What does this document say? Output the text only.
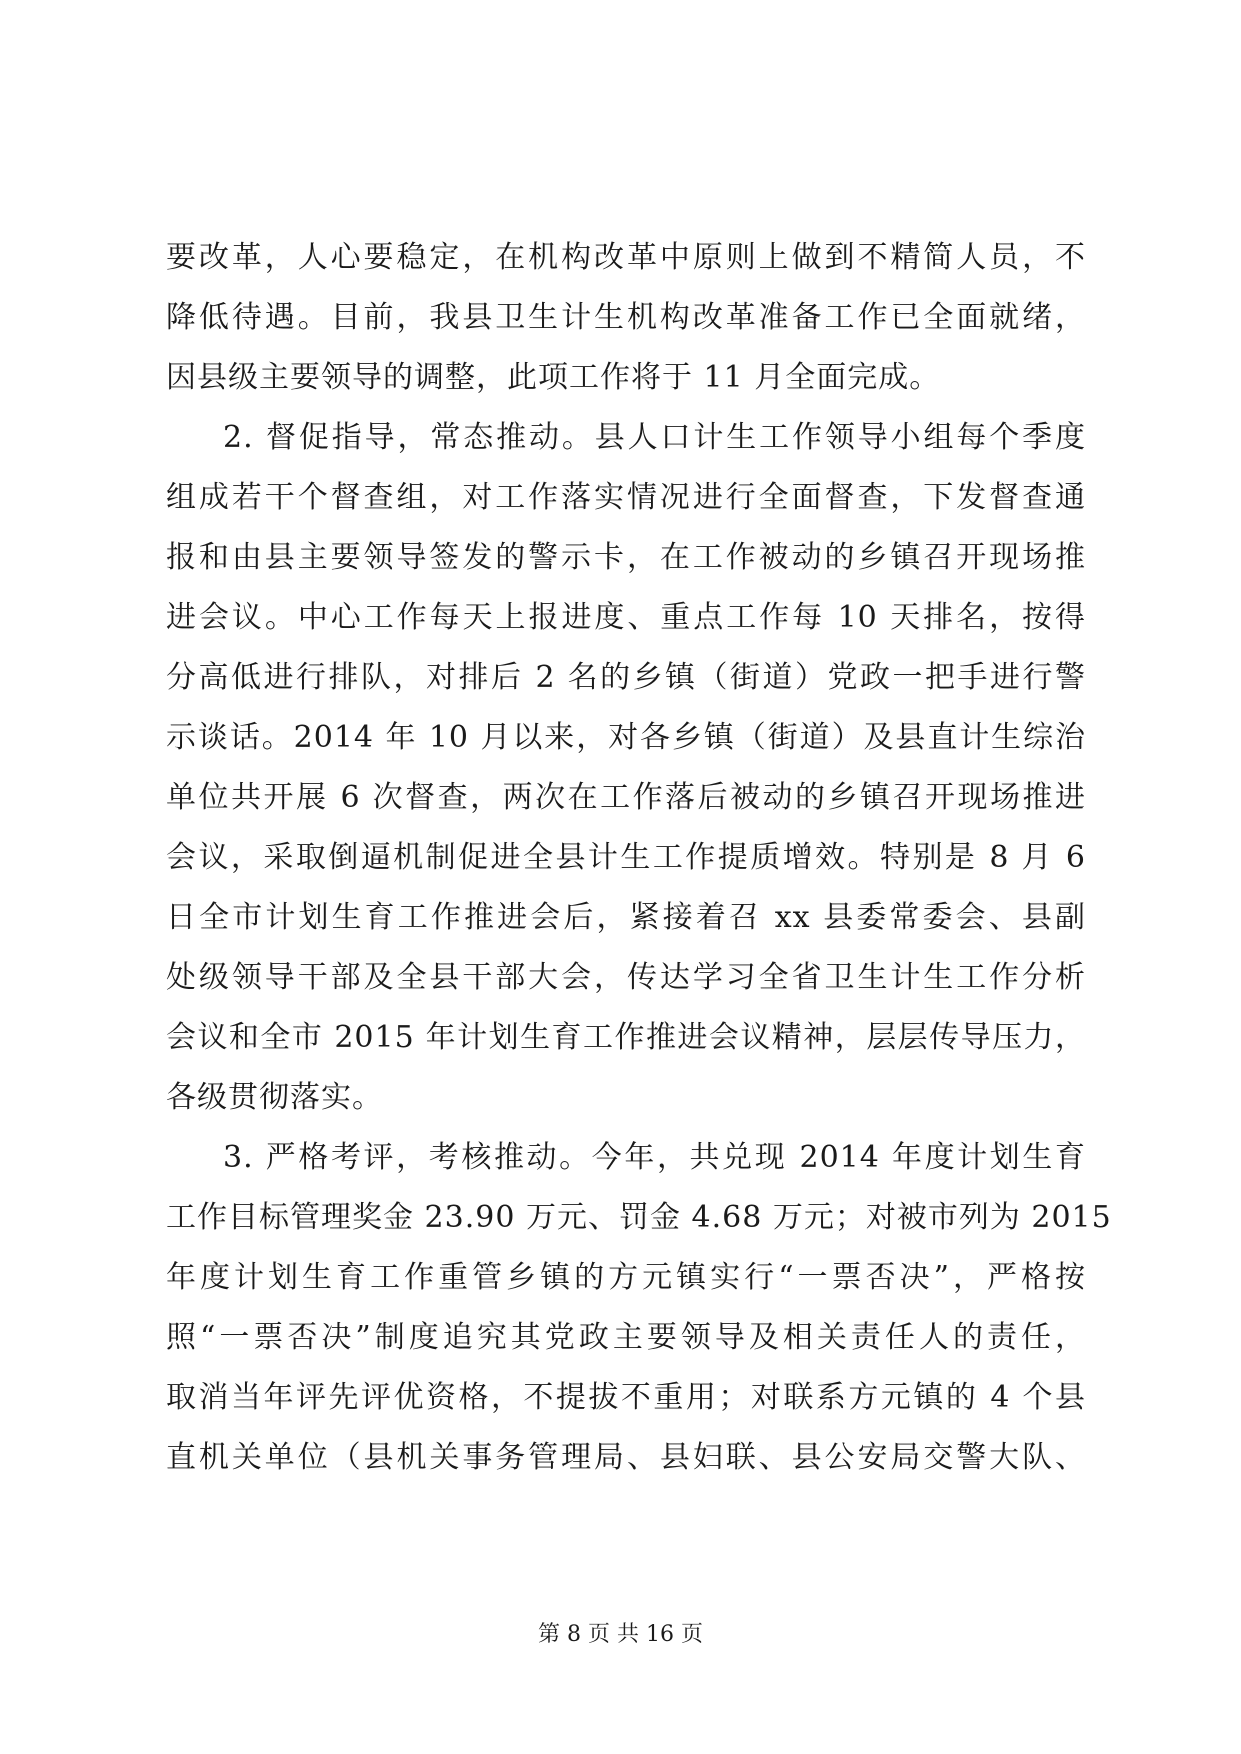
要改革，人心要稳定，在机构改革中原则上做到不精简人员，不
降低待遇。目前，我县卫生计生机构改革准备工作已全面就绪，
因县级主要领导的调整，此项工作将于 11 月全面完成。
2. 督促指导，常态推动。县人口计生工作领导小组每个季度
组成若干个督查组，对工作落实情况进行全面督查，下发督查通
报和由县主要领导签发的警示卡，在工作被动的乡镇召开现场推
进会议。中心工作每天上报进度、重点工作每 10 天排名，按得
分高低进行排队，对排后 2 名的乡镇（街道）党政一把手进行警
示谈话。2014 年 10 月以来，对各乡镇（街道）及县直计生综治
单位共开展 6 次督查，两次在工作落后被动的乡镇召开现场推进
会议，采取倒逼机制促进全县计生工作提质增效。特别是 8 月 6
日全市计划生育工作推进会后，紧接着召 xx 县委常委会、县副
处级领导干部及全县干部大会，传达学习全省卫生计生工作分析
会议和全市 2015 年计划生育工作推进会议精神，层层传导压力，
各级贯彻落实。
3. 严格考评，考核推动。今年，共兑现 2014 年度计划生育
工作目标管理奖金 23.90 万元、罚金 4.68 万元；对被市列为 2015
年度计划生育工作重管乡镇的方元镇实行“一票否决”，严格按
照“一票否决”制度追究其党政主要领导及相关责任人的责任，
取消当年评先评优资格，不提拔不重用；对联系方元镇的 4 个县
直机关单位（县机关事务管理局、县妇联、县公安局交警大队、
第 8 页 共 16 页
